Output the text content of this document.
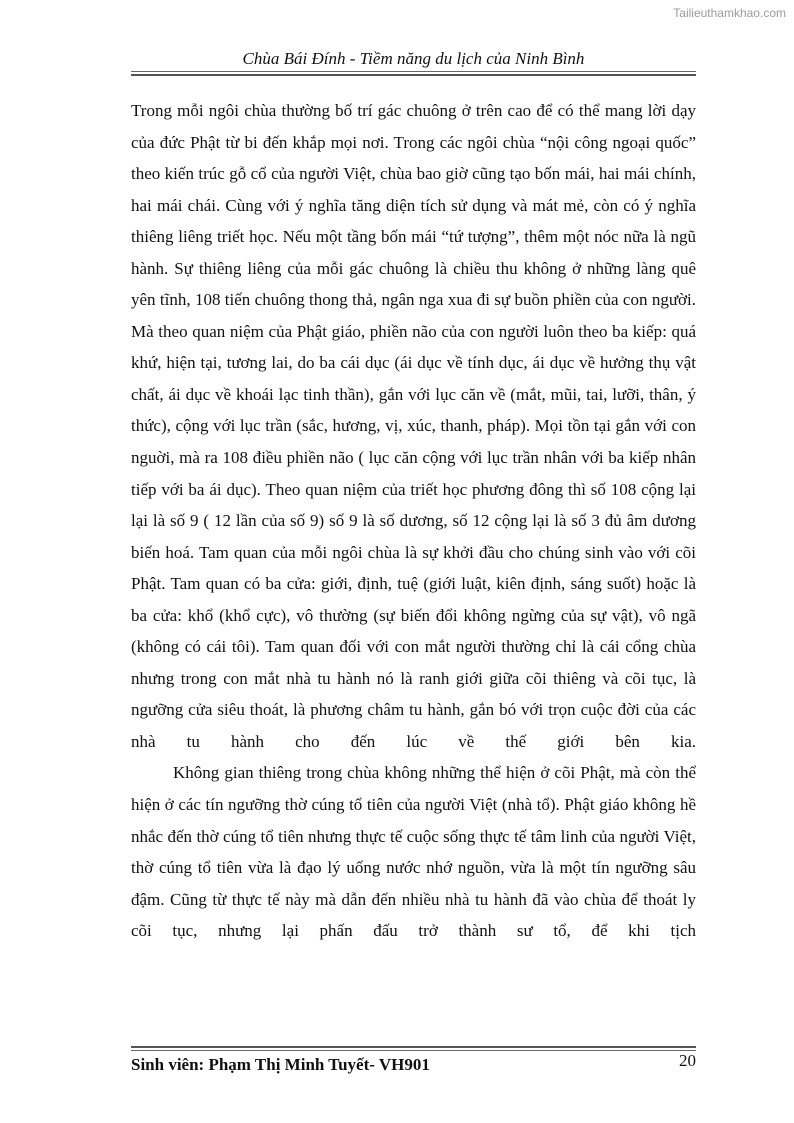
Tailieuthamkhao.com
Chùa Bái Đính - Tiềm năng du lịch của Ninh Bình

Trong mỗi ngôi chùa thường bố trí gác chuông ở trên cao để có thể mang lời dạy của đức Phật từ bi đến khắp mọi nơi. Trong các ngôi chùa “nội công ngoại quốc” theo kiến trúc gỗ cổ của người Việt, chùa bao giờ cũng tạo bốn mái, hai mái chính, hai mái chái. Cùng với ý nghĩa tăng diện tích sử dụng và mát mẻ, còn có ý nghĩa thiêng liêng triết học. Nếu một tầng bốn mái “tứ tượng”, thêm một nóc nữa là ngũ hành. Sự thiêng liêng của mỗi gác chuông là chiều thu không ở những làng quê yên tĩnh, 108 tiến chuông thong thả, ngân nga xua đi sự buồn phiền của con người. Mà theo quan niệm của Phật giáo, phiền não của con người luôn theo ba kiếp: quá khứ, hiện tại, tương lai, do ba cái dục (ái dục về tính dục, ái dục về hưởng thụ vật chất, ái dục về khoái lạc tinh thần), gắn với lục căn về (mắt, mũi, tai, lưỡi, thân, ý thức), cộng với lục trần (sắc, hương, vị, xúc, thanh, pháp). Mọi tồn tại gắn với con nguời, mà ra 108 điều phiền não ( lục căn cộng với lục trần nhân với ba kiếp nhân tiếp với ba ái dục). Theo quan niệm của triết học phương đông thì số 108 cộng lại lại là số 9 ( 12 lần của số 9) số 9 là số dương, số 12 cộng lại là số 3 đủ âm dương biến hoá. Tam quan của mỗi ngôi chùa là sự khởi đầu cho chúng sinh vào với cõi Phật. Tam quan có ba cửa: giới, định, tuệ (giới luật, kiên định, sáng suốt) hoặc là ba cửa: khổ (khổ cực), vô thường (sự biến đổi không ngừng của sự vật), vô ngã (không có cái tôi). Tam quan đối với con mắt người thường chỉ là cái cổng chùa nhưng trong con mắt nhà tu hành nó là ranh giới giữa cõi thiêng và cõi tục, là ngưỡng cửa siêu thoát, là phương châm tu hành, gắn bó với trọn cuộc đời của các nhà tu hành cho đến lúc về thế giới bên kia.

Không gian thiêng trong chùa không những thể hiện ở cõi Phật, mà còn thể hiện ở các tín ngưỡng thờ cúng tổ tiên của người Việt (nhà tổ). Phật giáo không hề nhắc đến thờ cúng tổ tiên nhưng thực tế cuộc sống thực tế tâm linh của người Việt, thờ cúng tổ tiên vừa là đạo lý uống nước nhớ nguồn, vừa là một tín ngưỡng sâu đậm. Cũng từ thực tế này mà dẫn đến nhiều nhà tu hành đã vào chùa để thoát ly cõi tục, nhưng lại phấn đấu trở thành sư tổ, để khi tịch

Sinh viên: Phạm Thị Minh Tuyết- VH901	20
